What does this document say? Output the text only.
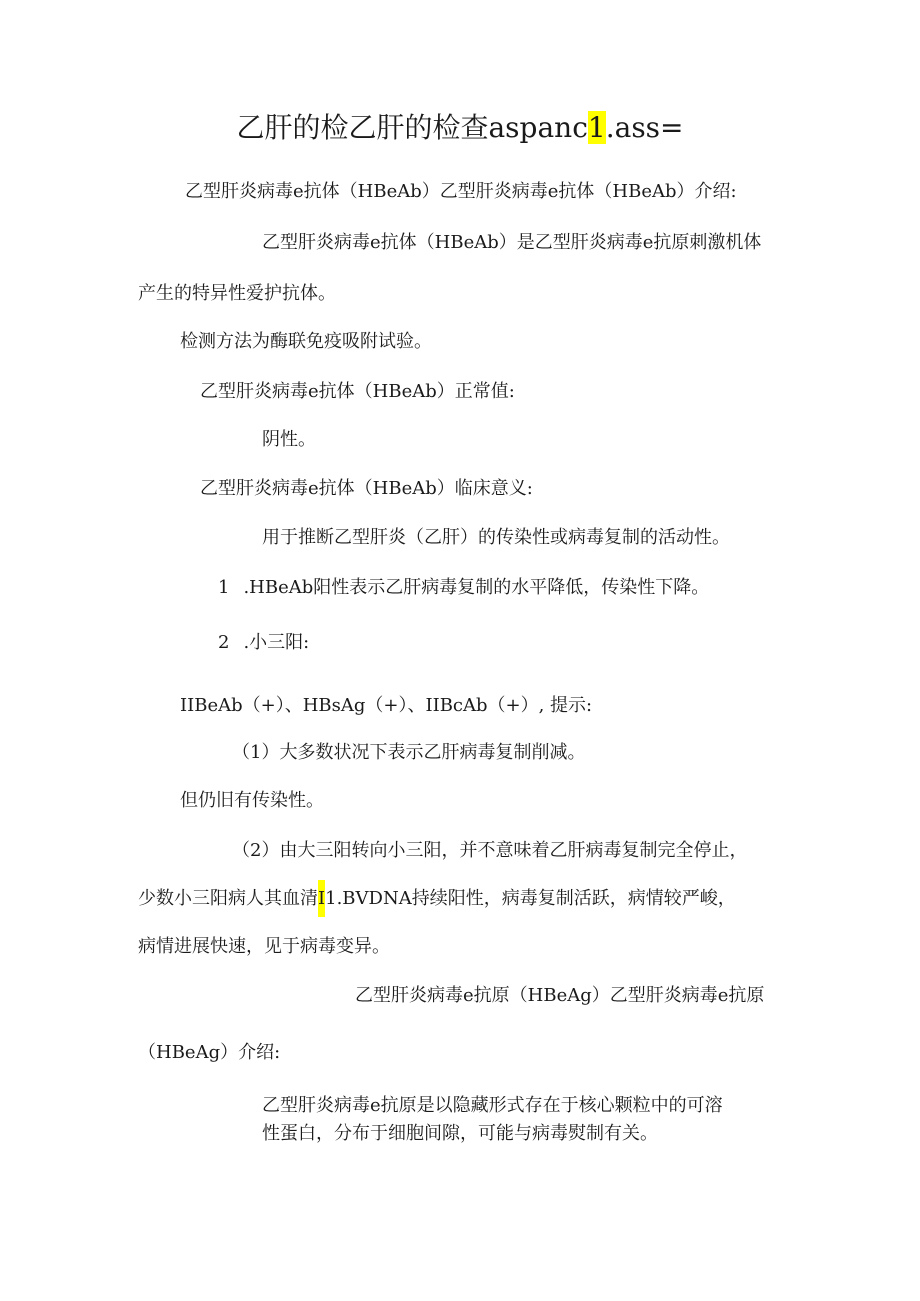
乙肝的检乙肝的检查aspanc1.ass=
乙型肝炎病毒e抗体（HBeAb）乙型肝炎病毒e抗体（HBeAb）介绍:
乙型肝炎病毒e抗体（HBeAb）是乙型肝炎病毒e抗原刺激机体
产生的特异性爱护抗体。
检测方法为酶联免疫吸附试验。
乙型肝炎病毒e抗体（HBeAb）正常值:
阴性。
乙型肝炎病毒e抗体（HBeAb）临床意义:
用于推断乙型肝炎（乙肝）的传染性或病毒复制的活动性。
1 .HBeAb阳性表示乙肝病毒复制的水平降低，传染性下降。
2 .小三阳:
IIBeAb（+）、HBsAg（+）、IIBcAb（+）, 提示:
（1）大多数状况下表示乙肝病毒复制削减。
但仍旧有传染性。
（2）由大三阳转向小三阳，并不意味着乙肝病毒复制完全停止，
少数小三阳病人其血清I1.BVDNA持续阳性，病毒复制活跃，病情较严峻，
病情进展快速，见于病毒变异。
乙型肝炎病毒e抗原（HBeAg）乙型肝炎病毒e抗原
（HBeAg）介绍:
乙型肝炎病毒e抗原是以隐藏形式存在于核心颗粒中的可溶
性蛋白，分布于细胞间隙，可能与病毒熨制有关。
